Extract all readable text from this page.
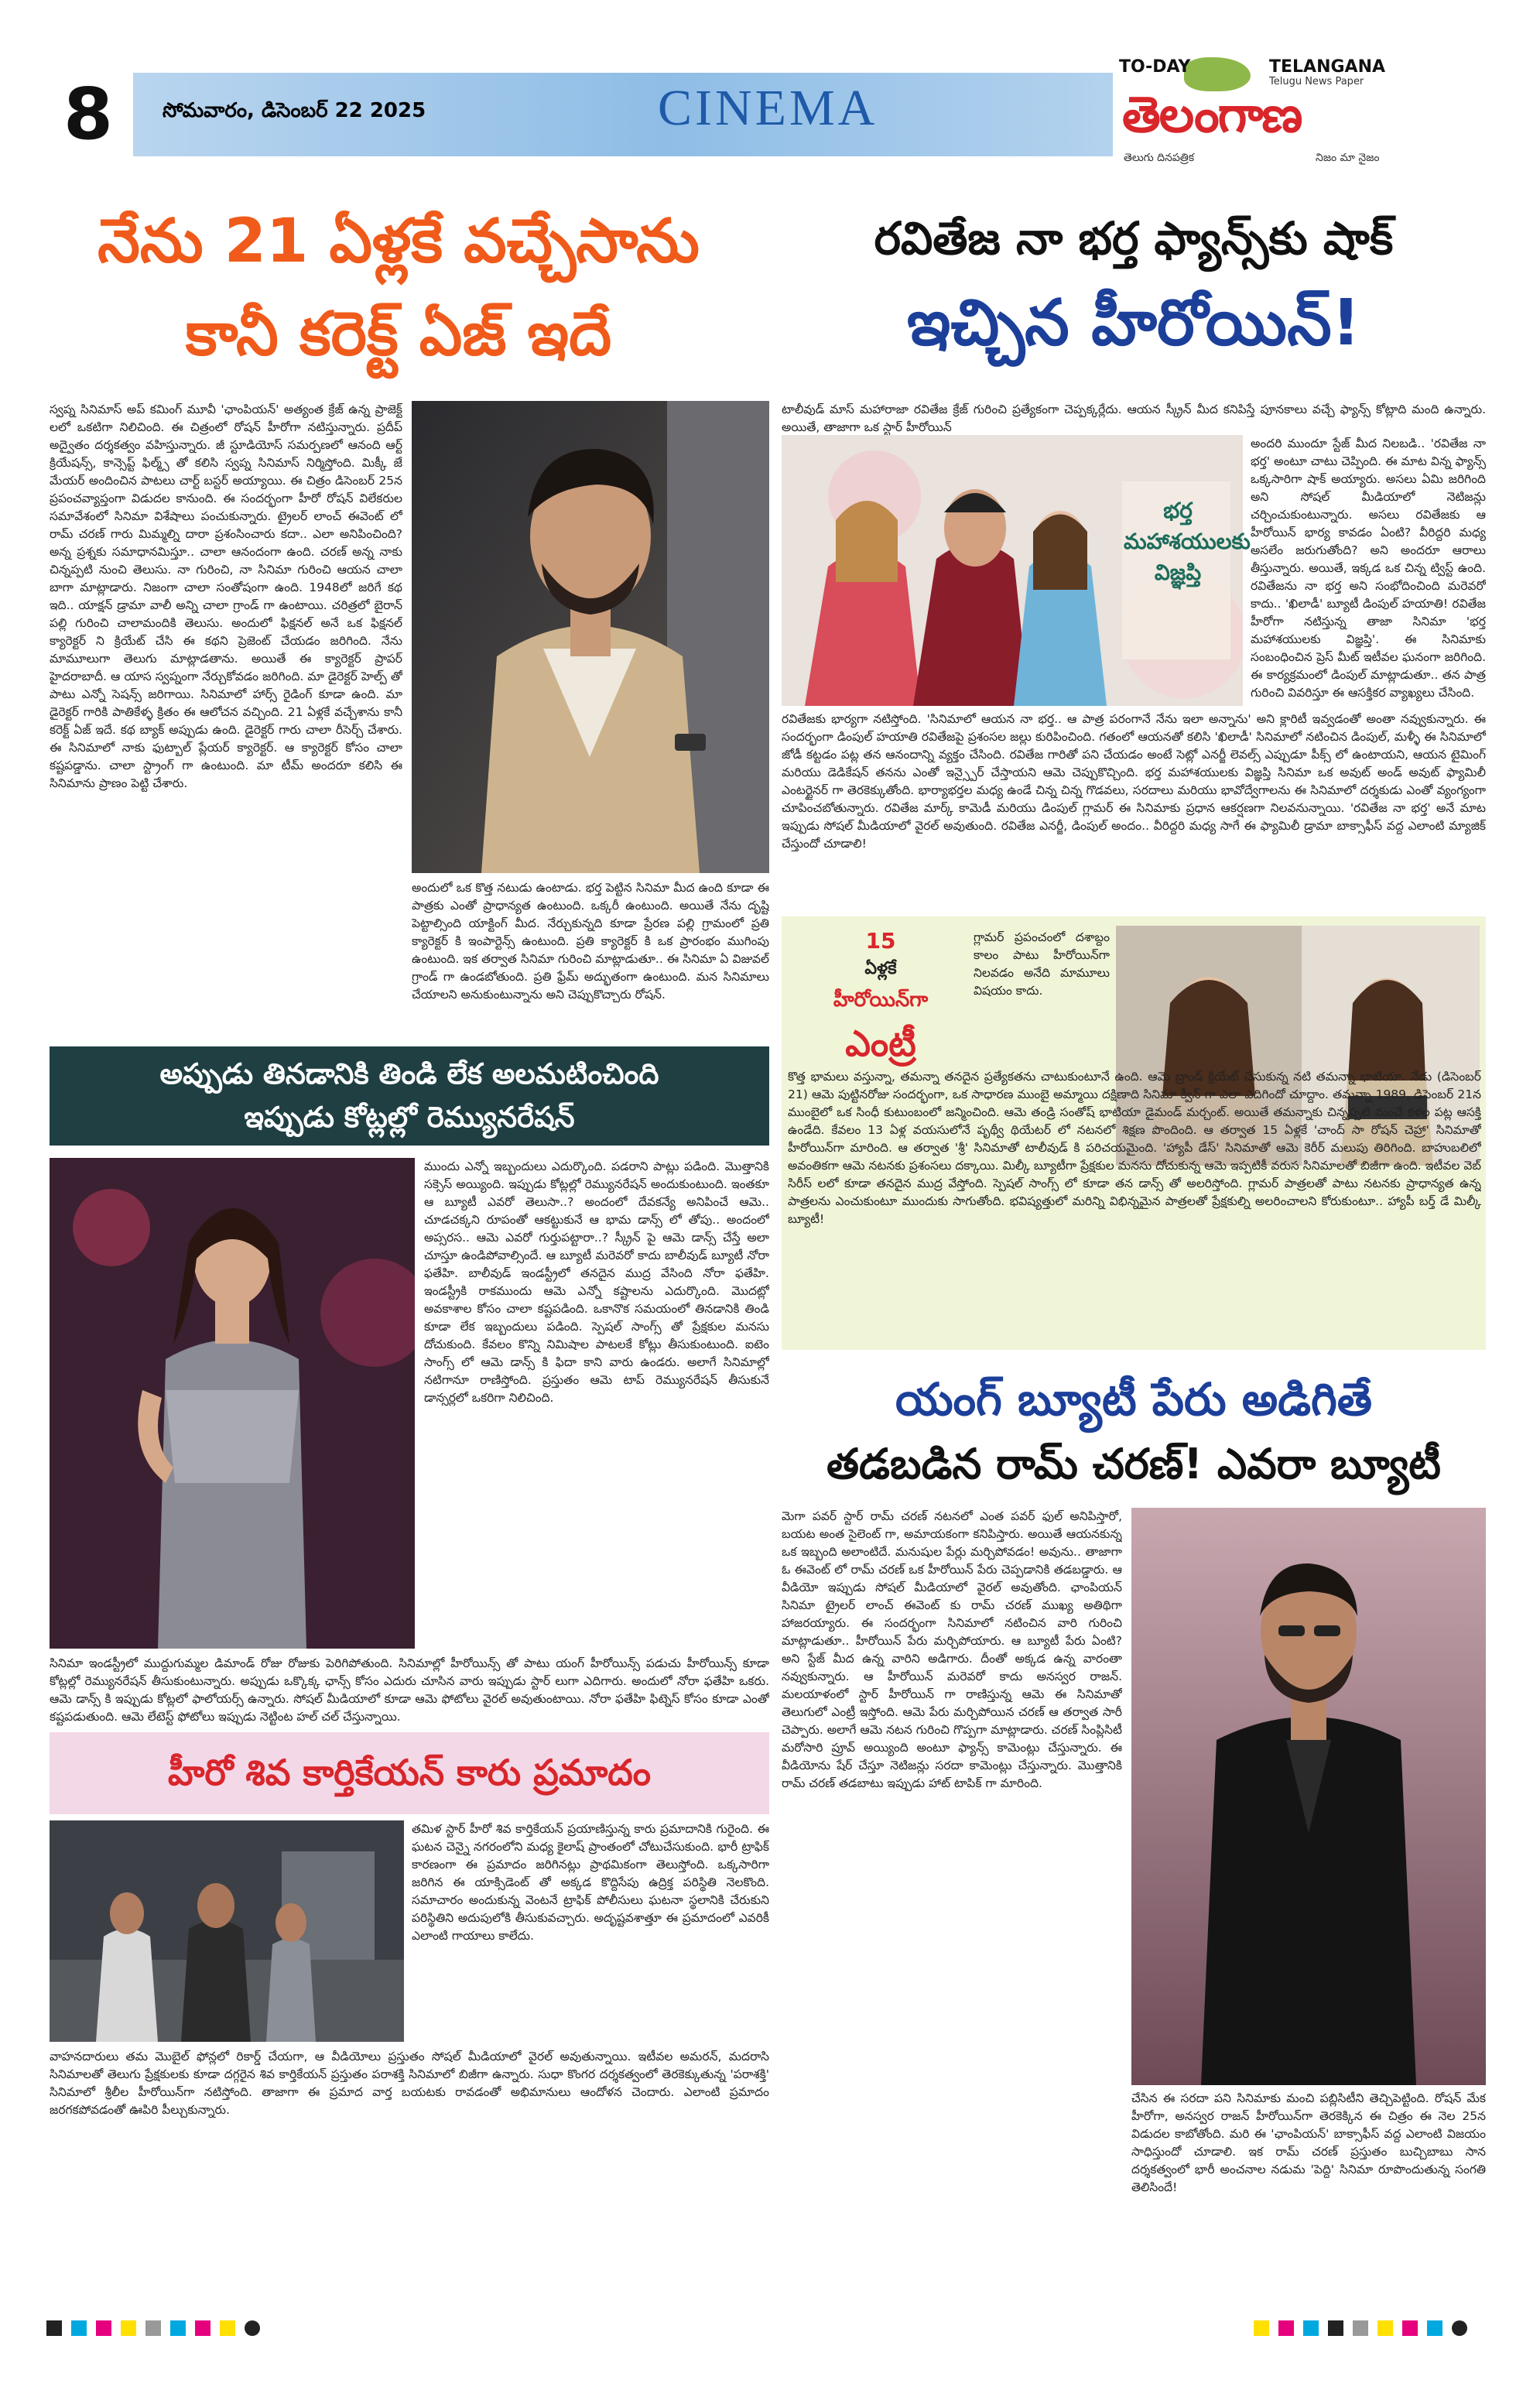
8	సోమవారం, డిసెంబర్ 22 2025	CINEMA
TO-DAY	TELANGANA
Telugu News Paper
తెలంగాణ
తెలుగు దినపత్రిక	నిజం మా నైజం
నేను 21 ఏళ్లకే వచ్చేసాను
కానీ కరెక్ట్ ఏజ్ ఇదే
స్వప్న సినిమాస్ అప్ కమింగ్ మూవీ 'ఛాంపియన్' అత్యంత క్రేజ్ ఉన్న ప్రాజెక్ట్ లలో ఒకటిగా నిలిచింది. ఈ చిత్రంలో రోషన్ హీరోగా నటిస్తున్నారు. ప్రదీప్ అద్వైతం దర్శకత్వం వహిస్తున్నారు. జీ స్టూడియోస్ సమర్పణలో ఆనంది ఆర్ట్ క్రియేషన్స్, కాన్సెప్ట్ ఫిల్మ్స్ తో కలిసి స్వప్న సినిమాస్ నిర్మిస్తోంది. మిక్కీ జే మేయర్ అందించిన పాటలు చార్ట్ బస్టర్ అయ్యాయి. ఈ చిత్రం డిసెంబర్ 25న ప్రపంచవ్యాప్తంగా విడుదల కానుంది. ఈ సందర్భంగా హీరో రోషన్ విలేకరుల సమావేశంలో సినిమా విశేషాలు పంచుకున్నారు. ట్రైలర్ లాంచ్ ఈవెంట్ లో రామ్ చరణ్ గారు మిమ్మల్ని దారా ప్రశంసించారు కదా.. ఎలా అనిపించింది? అన్న ప్రశ్నకు సమాధానమిస్తూ.. చాలా ఆనందంగా ఉంది. చరణ్ అన్న నాకు చిన్నప్పటి నుంచి తెలుసు. నా గురించి, నా సినిమా గురించి ఆయన చాలా బాగా మాట్లాడారు. నిజంగా చాలా సంతోషంగా ఉంది. 1948లో జరిగే కథ ఇది.. యాక్షన్ డ్రామా వాలీ అన్ని చాలా గ్రాండ్ గా ఉంటాయి. చరిత్రలో బైరాన్ పల్లి గురించి చాలామందికి తెలుసు. అందులో ఫిక్షనల్ అనే ఒక ఫిక్షనల్ క్యారెక్టర్ ని క్రియేట్ చేసి ఈ కథని ప్రెజెంట్ చేయడం జరిగింది. నేను మామూలుగా తెలుగు మాట్లాడతాను. అయితే ఈ క్యారెక్టర్ ప్రాపర్ హైదరాబాదీ. ఆ యాస స్వప్నంగా నేర్చుకోవడం జరిగింది. మా డైరెక్టర్ హెల్ప్ తో పాటు ఎన్నో సెషన్స్ జరిగాయి. సినిమాలో హార్స్ రైడింగ్ కూడా ఉంది. మా డైరెక్టర్ గారికి పాతికేళ్ళ క్రితం ఈ ఆలోచన వచ్చింది. 21 ఏళ్లకే వచ్చేశాను కానీ కరెక్ట్ ఏజ్ ఇదే. కథ బ్యాక్ అప్పుడు ఉంది. డైరెక్టర్ గారు చాలా రీసెర్చ్ చేశారు. ఈ సినిమాలో నాకు ఫుట్బాల్ ప్లేయర్ క్యారెక్టర్. ఆ క్యారెక్టర్ కోసం చాలా కష్టపడ్డాను. చాలా స్ట్రాంగ్ గా ఉంటుంది. మా టీమ్ అందరూ కలిసి ఈ సినిమాను ప్రాణం పెట్టి చేశారు.
అందులో ఒక కొత్త నటుడు ఉంటాడు. భర్త పెట్టిన సినిమా మీద ఉంది కూడా ఈ పాత్రకు ఎంతో ప్రాధాన్యత ఉంటుంది. ఒక్కరీ ఉంటుంది. అయితే నేను దృష్టి పెట్టాల్సింది యాక్టింగ్ మీద. నేర్చుకున్నది కూడా ప్రేరణ పల్లి గ్రామంలో ప్రతి క్యారెక్టర్ కి ఇంపార్టెన్స్ ఉంటుంది. ప్రతి క్యారెక్టర్ కి ఒక ప్రారంభం ముగింపు ఉంటుంది. ఇక తర్వాత సినిమా గురించి మాట్లాడుతూ.. ఈ సినిమా ఏ విజువల్ గ్రాండ్ గా ఉండబోతుంది. ప్రతి ఫ్రేమ్ అద్భుతంగా ఉంటుంది. మన సినిమాలు చేయాలని అనుకుంటున్నాను అని చెప్పుకొచ్చారు రోషన్.
రవితేజ నా భర్త ఫ్యాన్స్‌కు షాక్
ఇచ్చిన హీరోయిన్!
టాలీవుడ్ మాస్ మహారాజా రవితేజ క్రేజ్ గురించి ప్రత్యేకంగా చెప్పక్కర్లేదు. ఆయన స్క్రీన్ మీద కనిపిస్తే పూనకాలు వచ్చే ఫ్యాన్స్ కోట్లాది మంది ఉన్నారు. అయితే, తాజాగా ఒక స్టార్ హీరోయిన్
భర్త మహాశయులకు విజ్ఞప్తి
అందరి ముందూ స్టేజ్ మీద నిలబడి.. 'రవితేజ నా భర్త' అంటూ చాటు చెప్పింది. ఈ మాట విన్న ఫ్యాన్స్ ఒక్కసారిగా షాక్ అయ్యారు. అసలు ఏమి జరిగింది అని సోషల్ మీడియాలో నెటిజన్లు చర్చించుకుంటున్నారు. అసలు రవితేజకు ఆ హీరోయిన్ భార్య కావడం ఏంటి? వీరిద్దరి మధ్య అసలేం జరుగుతోంది? అని అందరూ ఆరాలు తీస్తున్నారు. అయితే, ఇక్కడ ఒక చిన్న ట్విస్ట్ ఉంది. రవితేజను నా భర్త అని సంభోదించింది మరెవరో కాదు.. 'ఖిలాడీ' బ్యూటీ డింపుల్ హయాతి! రవితేజ హీరోగా నటిస్తున్న తాజా సినిమా 'భర్త మహాశయులకు విజ్ఞప్తి'. ఈ సినిమాకు సంబంధించిన ప్రెస్ మీట్ ఇటీవల ఘనంగా జరిగింది. ఈ కార్యక్రమంలో డింపుల్ మాట్లాడుతూ.. తన పాత్ర గురించి వివరిస్తూ ఈ ఆసక్తికర వ్యాఖ్యలు చేసింది.
రవితేజకు భార్యగా నటిస్తోంది. 'సినిమాలో ఆయన నా భర్త.. ఆ పాత్ర పరంగానే నేను ఇలా అన్నాను' అని క్లారిటీ ఇవ్వడంతో అంతా నవ్వుకున్నారు. ఈ సందర్భంగా డింపుల్ హయాతి రవితేజపై ప్రశంసల జల్లు కురిపించింది. గతంలో ఆయనతో కలిసి 'ఖిలాడీ' సినిమాలో నటించిన డింపుల్, మళ్ళీ ఈ సినిమాలో జోడీ కట్టడం పట్ల తన ఆనందాన్ని వ్యక్తం చేసింది. రవితేజ గారితో పని చేయడం అంటే సెట్లో ఎనర్జీ లెవల్స్ ఎప్పుడూ పీక్స్ లో ఉంటాయని, ఆయన టైమింగ్ మరియు డెడికేషన్ తనను ఎంతో ఇన్స్పైర్ చేస్తాయని ఆమె చెప్పుకొచ్చింది. భర్త మహాశయులకు విజ్ఞప్తి సినిమా ఒక అవుట్ అండ్ అవుట్ ఫ్యామిలీ ఎంటర్టైనర్ గా తెరకెక్కుతోంది. భార్యాభర్తల మధ్య ఉండే చిన్న చిన్న గొడవలు, సరదాలు మరియు భావోద్వేగాలను ఈ సినిమాలో దర్శకుడు ఎంతో వ్యంగ్యంగా చూపించబోతున్నారు. రవితేజ మార్క్ కామెడీ మరియు డింపుల్ గ్లామర్ ఈ సినిమాకు ప్రధాన ఆకర్షణగా నిలవనున్నాయి. 'రవితేజ నా భర్త' అనే మాట ఇప్పుడు సోషల్ మీడియాలో వైరల్ అవుతుంది. రవితేజ ఎనర్జీ, డింపుల్ అందం.. వీరిద్దరి మధ్య సాగే ఈ ఫ్యామిలీ డ్రామా బాక్సాఫీస్ వద్ద ఎలాంటి మ్యాజిక్ చేస్తుందో చూడాలి!
అప్పుడు తినడానికి తిండి లేక అలమటించింది
ఇప్పుడు కోట్లల్లో రెమ్యునరేషన్
ముందు ఎన్నో ఇబ్బందులు ఎదుర్కొంది. పడరాని పాట్లు పడింది. మొత్తానికి సక్సెస్ అయ్యింది. ఇప్పుడు కోట్లల్లో రెమ్యునరేషన్ అందుకుంటుంది. ఇంతకూ ఆ బ్యూటీ ఎవరో తెలుసా..? అందంలో దేవకన్యే అనిపించే ఆమె.. చూడచక్కని రూపంతో ఆకట్టుకునే ఆ భామ డాన్స్ లో తోపు.. అందంలో అప్సరస.. ఆమె ఎవరో గుర్తుపట్టారా..? స్క్రీన్ పై ఆమె డాన్స్ చేస్తే అలా చూస్తూ ఉండిపోవాల్సిందే. ఆ బ్యూటీ మరెవరో కాదు బాలీవుడ్ బ్యూటీ నోరా ఫతేహి. బాలీవుడ్ ఇండస్ట్రీలో తనదైన ముద్ర వేసింది నోరా ఫతేహి. ఇండస్ట్రీకి రాకముందు ఆమె ఎన్నో కష్టాలను ఎదుర్కొంది. మొదట్లో అవకాశాల కోసం చాలా కష్టపడింది. ఒకానొక సమయంలో తినడానికి తిండి కూడా లేక ఇబ్బందులు పడింది. స్పెషల్ సాంగ్స్ తో ప్రేక్షకుల మనసు దోచుకుంది. కేవలం కొన్ని నిమిషాల పాటలకే కోట్లు తీసుకుంటుంది. ఐటెం సాంగ్స్ లో ఆమె డాన్స్ కి ఫిదా కాని వారు ఉండరు. అలాగే సినిమాల్లో నటిగానూ రాణిస్తోంది. ప్రస్తుతం ఆమె టాప్ రెమ్యునరేషన్ తీసుకునే డాన్సర్లలో ఒకరిగా నిలిచింది.
సినిమా ఇండస్ట్రీలో ముద్దుగుమ్మల డిమాండ్ రోజు రోజుకు పెరిగిపోతుంది. సినిమాల్లో హీరోయిన్స్ తో పాటు యంగ్ హీరోయిన్స్ పడుచు హీరోయిన్స్ కూడా కోట్లల్లో రెమ్యునరేషన్ తీసుకుంటున్నారు. అప్పుడు ఒక్కొక్క ఛాన్స్ కోసం ఎదురు చూసిన వారు ఇప్పుడు స్టార్ లుగా ఎదిగారు. అందులో నోరా ఫతేహి ఒకరు. ఆమె డాన్స్ కి ఇప్పుడు కోట్లలో ఫాలోయర్స్ ఉన్నారు. సోషల్ మీడియాలో కూడా ఆమె ఫోటోలు వైరల్ అవుతుంటాయి. నోరా ఫతేహి ఫిట్నెస్ కోసం కూడా ఎంతో కష్టపడుతుంది. ఆమె లేటెస్ట్ ఫోటోలు ఇప్పుడు నెట్టింట హల్ చల్ చేస్తున్నాయి.
15
ఏళ్లకే
హీరోయిన్‌గా
ఎంట్రీ
గ్లామర్ ప్రపంచంలో దశాబ్దం కాలం పాటు హీరోయిన్‌గా నిలవడం అనేది మామూలు విషయం కాదు.
కొత్త భామలు వస్తున్నా, తమన్నా తనదైన ప్రత్యేకతను చాటుకుంటూనే ఉంది. ఆమె బ్రాండ్ క్రియేట్ చేసుకున్న నటి తమన్నా భాటియా. నేడు (డిసెంబర్ 21) ఆమె పుట్టినరోజు సందర్భంగా, ఒక సాధారణ ముంబై అమ్మాయి దక్షిణాది సినిమా క్వీన్ గా ఎలా ఎదిగిందో చూద్దాం. తమన్నా 1989, డిసెంబర్ 21న ముంబైలో ఒక సింధీ కుటుంబంలో జన్మించింది. ఆమె తండ్రి సంతోష్ భాటియా డైమండ్ మర్చంట్. అయితే తమన్నాకు చిన్నప్పటి నుంచే కళల పట్ల ఆసక్తి ఉండేది. కేవలం 13 ఏళ్ల వయసులోనే పృథ్వీ థియేటర్ లో నటనలో శిక్షణ పొందింది. ఆ తర్వాత 15 ఏళ్లకే 'చాంద్ సా రోషన్ చెహ్రా' సినిమాతో హీరోయిన్‌గా మారింది. ఆ తర్వాత 'శ్రీ' సినిమాతో టాలీవుడ్ కి పరిచయమైంది. 'హ్యాపీ డేస్' సినిమాతో ఆమె కెరీర్ మలుపు తిరిగింది. బాహుబలిలో అవంతికగా ఆమె నటనకు ప్రశంసలు దక్కాయి. మిల్కీ బ్యూటీగా ప్రేక్షకుల మనసు దోచుకున్న ఆమె ఇప్పటికీ వరుస సినిమాలతో బిజీగా ఉంది. ఇటీవల వెబ్ సిరీస్ లలో కూడా తనదైన ముద్ర వేస్తోంది. స్పెషల్ సాంగ్స్ లో కూడా తన డాన్స్ తో అలరిస్తోంది. గ్లామర్ పాత్రలతో పాటు నటనకు ప్రాధాన్యత ఉన్న పాత్రలను ఎంచుకుంటూ ముందుకు సాగుతోంది. భవిష్యత్తులో మరిన్ని విభిన్నమైన పాత్రలతో ప్రేక్షకుల్ని అలరించాలని కోరుకుంటూ.. హ్యాపీ బర్త్ డే మిల్కీ బ్యూటీ!
యంగ్ బ్యూటీ పేరు అడిగితే
తడబడిన రామ్ చరణ్! ఎవరా బ్యూటీ
మెగా పవర్ స్టార్ రామ్ చరణ్ నటనలో ఎంత పవర్ ఫుల్ అనిపిస్తారో, బయట అంత సైలెంట్ గా, అమాయకంగా కనిపిస్తారు. అయితే ఆయనకున్న ఒక ఇబ్బంది అలాంటిదే. మనుషుల పేర్లు మర్చిపోవడం! అవును.. తాజాగా ఓ ఈవెంట్ లో రామ్ చరణ్ ఒక హీరోయిన్ పేరు చెప్పడానికి తడబడ్డారు. ఆ వీడియో ఇప్పుడు సోషల్ మీడియాలో వైరల్ అవుతోంది. ఛాంపియన్ సినిమా ట్రైలర్ లాంచ్ ఈవెంట్ కు రామ్ చరణ్ ముఖ్య అతిథిగా హాజరయ్యారు. ఈ సందర్భంగా సినిమాలో నటించిన వారి గురించి మాట్లాడుతూ.. హీరోయిన్ పేరు మర్చిపోయారు. ఆ బ్యూటీ పేరు ఏంటి? అని స్టేజ్ మీద ఉన్న వారిని అడిగారు. దీంతో అక్కడ ఉన్న వారంతా నవ్వుకున్నారు. ఆ హీరోయిన్ మరెవరో కాదు అనస్వర రాజన్. మలయాళంలో స్టార్ హీరోయిన్ గా రాణిస్తున్న ఆమె ఈ సినిమాతో తెలుగులో ఎంట్రీ ఇస్తోంది. ఆమె పేరు మర్చిపోయిన చరణ్ ఆ తర్వాత సారీ చెప్పారు. అలాగే ఆమె నటన గురించి గొప్పగా మాట్లాడారు. చరణ్ సింప్లిసిటీ మరోసారి ప్రూవ్ అయ్యింది అంటూ ఫ్యాన్స్ కామెంట్లు చేస్తున్నారు. ఈ వీడియోను షేర్ చేస్తూ నెటిజన్లు సరదా కామెంట్లు చేస్తున్నారు. మొత్తానికి రామ్ చరణ్ తడబాటు ఇప్పుడు హాట్ టాపిక్ గా మారింది.
చేసిన ఈ సరదా పని సినిమాకు మంచి పబ్లిసిటీని తెచ్చిపెట్టింది. రోషన్ మేక హీరోగా, అనస్వర రాజన్ హీరోయిన్‌గా తెరకెక్కిన ఈ చిత్రం ఈ నెల 25న విడుదల కాబోతోంది. మరి ఈ 'ఛాంపియన్' బాక్సాఫీస్ వద్ద ఎలాంటి విజయం సాధిస్తుందో చూడాలి. ఇక రామ్ చరణ్ ప్రస్తుతం బుచ్చిబాబు సాన దర్శకత్వంలో భారీ అంచనాల నడుమ 'పెద్ది' సినిమా రూపొందుతున్న సంగతి తెలిసిందే!
హీరో శివ కార్తికేయన్ కారు ప్రమాదం
తమిళ స్టార్ హీరో శివ కార్తికేయన్ ప్రయాణిస్తున్న కారు ప్రమాదానికి గురైంది. ఈ ఘటన చెన్నై నగరంలోని మధ్య కైలాష్ ప్రాంతంలో చోటుచేసుకుంది. భారీ ట్రాఫిక్ కారణంగా ఈ ప్రమాదం జరిగినట్లు ప్రాథమికంగా తెలుస్తోంది. ఒక్కసారిగా జరిగిన ఈ యాక్సిడెంట్ తో అక్కడ కొద్దిసేపు ఉద్రిక్త పరిస్థితి నెలకొంది. సమాచారం అందుకున్న వెంటనే ట్రాఫిక్ పోలీసులు ఘటనా స్థలానికి చేరుకుని పరిస్థితిని అదుపులోకి తీసుకువచ్చారు. అదృష్టవశాత్తూ ఈ ప్రమాదంలో ఎవరికీ ఎలాంటి గాయాలు కాలేదు.
వాహనదారులు తమ మొబైల్ ఫోన్లలో రికార్డ్ చేయగా, ఆ వీడియోలు ప్రస్తుతం సోషల్ మీడియాలో వైరల్ అవుతున్నాయి. ఇటీవల అమరన్, మదరాసి సినిమాలతో తెలుగు ప్రేక్షకులకు కూడా దగ్గరైన శివ కార్తికేయన్ ప్రస్తుతం పరాశక్తి సినిమాలో బిజీగా ఉన్నారు. సుధా కొంగర దర్శకత్వంలో తెరకెక్కుతున్న 'పరాశక్తి' సినిమాలో శ్రీలీల హీరోయిన్‌గా నటిస్తోంది. తాజాగా ఈ ప్రమాద వార్త బయటకు రావడంతో అభిమానులు ఆందోళన చెందారు. ఎలాంటి ప్రమాదం జరగకపోవడంతో ఊపిరి పీల్చుకున్నారు.
